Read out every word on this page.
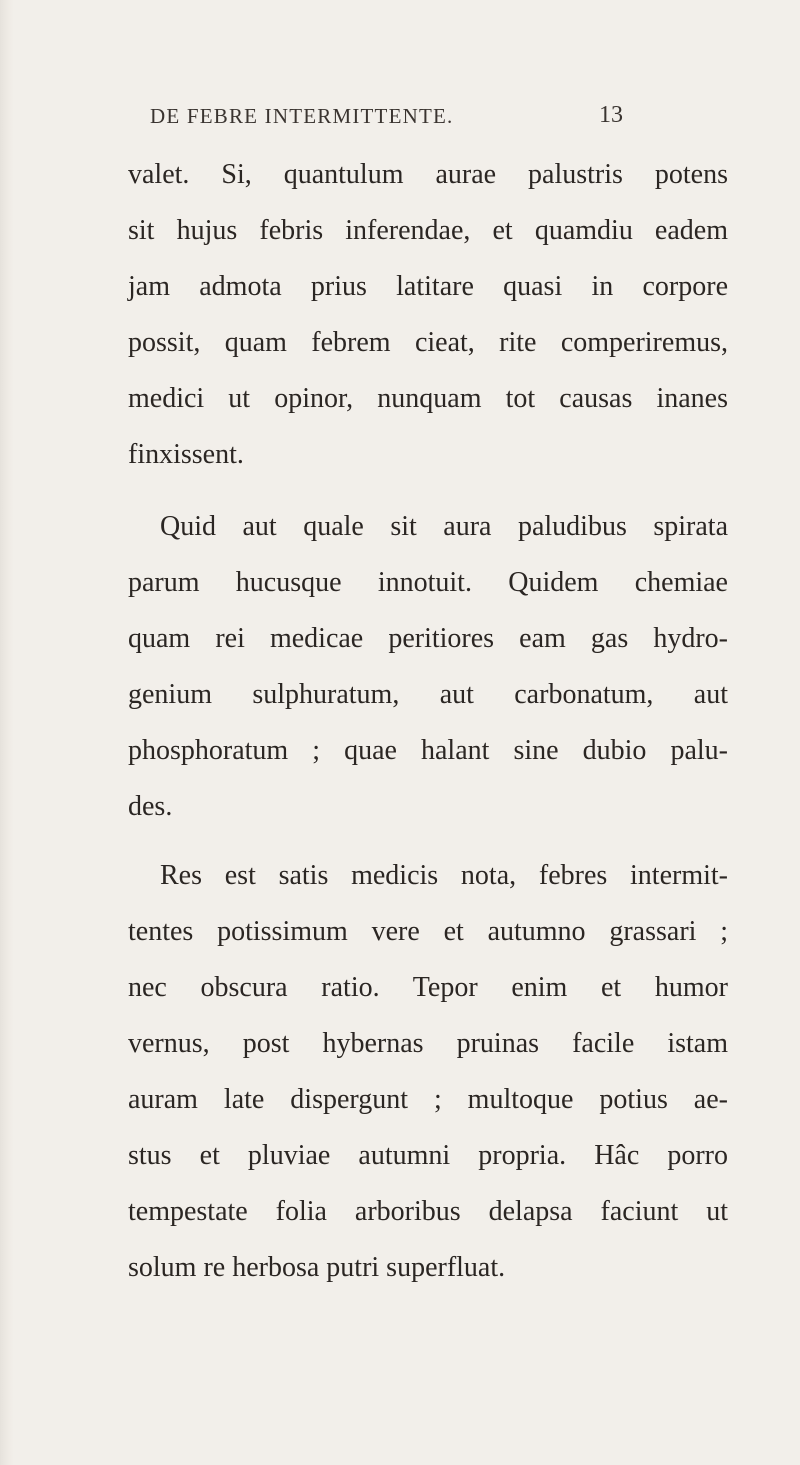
DE FEBRE INTERMITTENTE.	13
valet. Si, quantulum aurae palustris potens
sit hujus febris inferendae, et quamdiu eadem
jam admota prius latitare quasi in corpore
possit, quam febrem cieat, rite comperiremus,
medici ut opinor, nunquam tot causas inanes
finxissent.
Quid aut quale sit aura paludibus spirata
parum hucusque innotuit. Quidem chemiae
quam rei medicae peritiores eam gas hydro-
genium sulphuratum, aut carbonatum, aut
phosphoratum ; quae halant sine dubio palu-
des.
Res est satis medicis nota, febres intermit-
tentes potissimum vere et autumno grassari ;
nec obscura ratio. Tepor enim et humor
vernus, post hybernas pruinas facile istam
auram late dispergunt ; multoque potius ae-
stus et pluviae autumni propria. Hâc porro
tempestate folia arboribus delapsa faciunt ut
solum re herbosa putri superfluat.
